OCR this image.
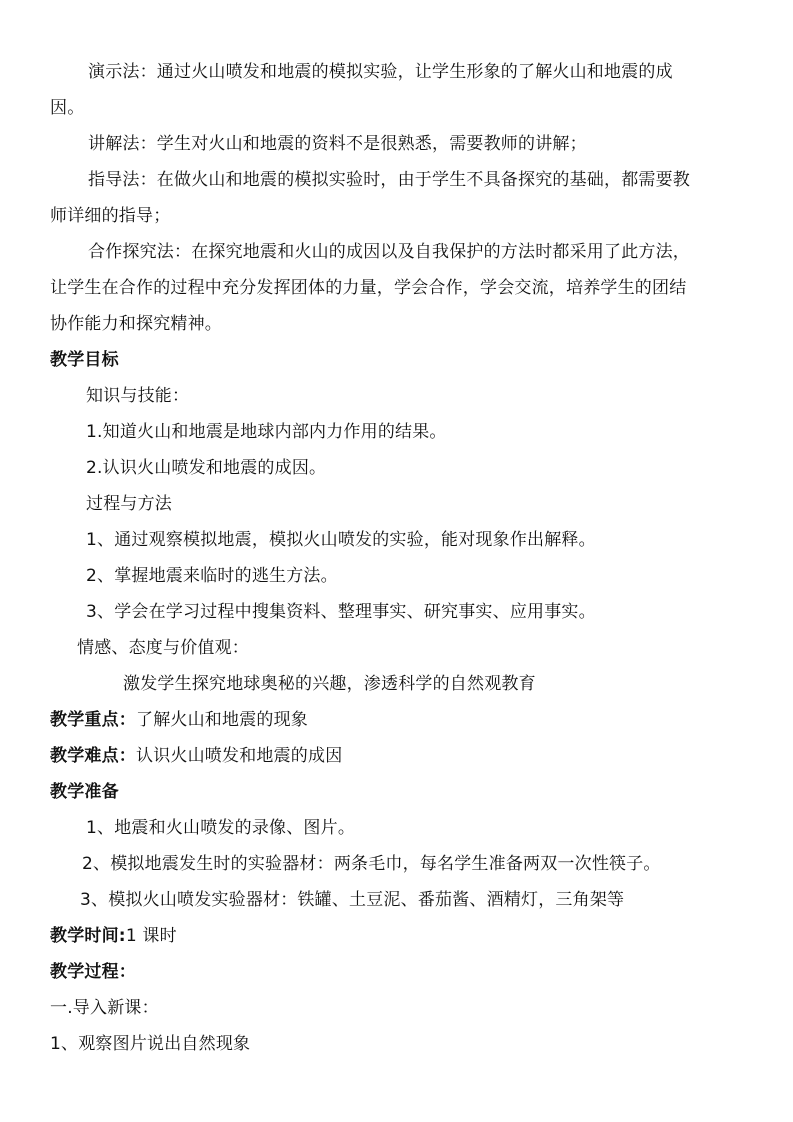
演示法：通过火山喷发和地震的模拟实验，让学生形象的了解火山和地震的成
因。
讲解法：学生对火山和地震的资料不是很熟悉，需要教师的讲解；
指导法：在做火山和地震的模拟实验时，由于学生不具备探究的基础，都需要教
师详细的指导；
合作探究法：在探究地震和火山的成因以及自我保护的方法时都采用了此方法，
让学生在合作的过程中充分发挥团体的力量，学会合作，学会交流，培养学生的团结
协作能力和探究精神。
教学目标
知识与技能：
1.知道火山和地震是地球内部内力作用的结果。
2.认识火山喷发和地震的成因。
过程与方法
1、通过观察模拟地震，模拟火山喷发的实验，能对现象作出解释。
2、掌握地震来临时的逃生方法。
3、学会在学习过程中搜集资料、整理事实、研究事实、应用事实。
情感、态度与价值观：
激发学生探究地球奥秘的兴趣，渗透科学的自然观教育
教学重点：了解火山和地震的现象
教学难点：认识火山喷发和地震的成因
教学准备
1、地震和火山喷发的录像、图片。
2、模拟地震发生时的实验器材：两条毛巾，每名学生准备两双一次性筷子。
3、模拟火山喷发实验器材：铁罐、土豆泥、番茄酱、酒精灯，三角架等
教学时间:1 课时
教学过程：
一.导入新课：
1、观察图片说出自然现象
